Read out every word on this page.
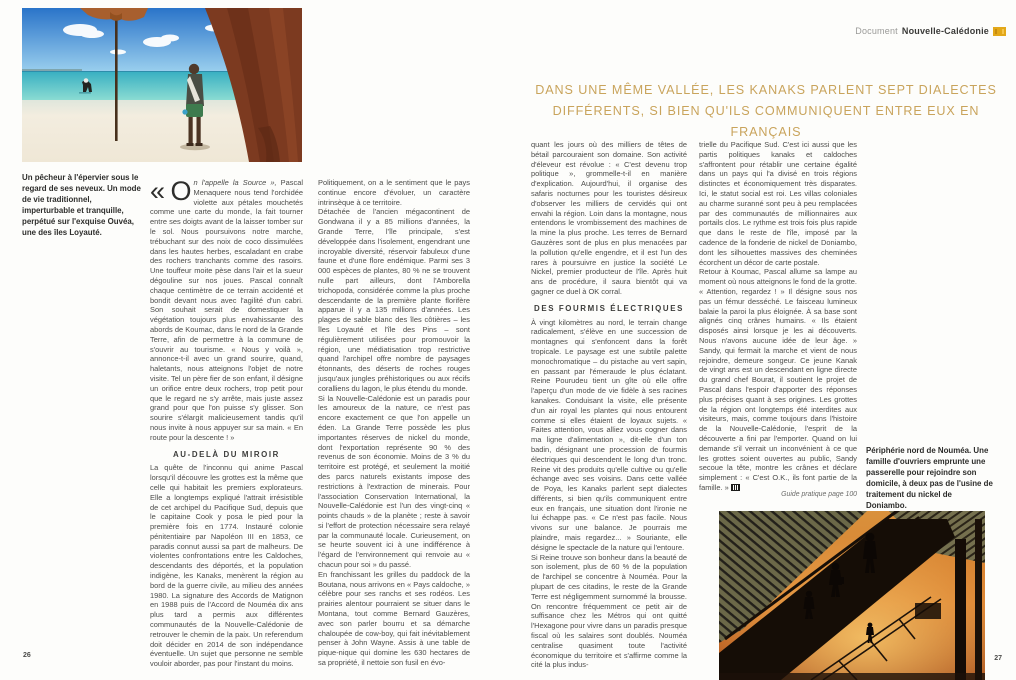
Document Nouvelle-Calédonie
Un pêcheur à l'épervier sous le regard de ses neveux. Un mode de vie traditionnel, imperturbable et tranquille, perpétué sur l'exquise Ouvéa, une des îles Loyauté.
DANS UNE MÊME VALLÉE, LES KANAKS PARLENT SEPT DIALECTES DIFFÉRENTS, SI BIEN QU'ILS COMMUNIQUENT ENTRE EUX EN FRANÇAIS

« O n l'appelle la Source », Pascal Menaquere nous tend l'orchidée violette aux pétales mouchetés comme une carte du monde, la fait tourner entre ses doigts avant de la laisser tomber sur le sol. Nous poursuivons notre marche, trébuchant sur des noix de coco dissimulées dans les hautes herbes, escaladant en crabe des rochers tranchants comme des rasoirs. Une touffeur moite pèse dans l'air et la sueur dégouline sur nos joues. Pascal connaît chaque centimètre de ce terrain accidenté et bondit devant nous avec l'agilité d'un cabri. Son souhait serait de domestiquer la végétation toujours plus envahissante des abords de Koumac, dans le nord de la Grande Terre, afin de permettre à la commune de s'ouvrir au tourisme. « Nous y voilà », annonce-t-il avec un grand sourire, quand, haletants, nous atteignons l'objet de notre visite. Tel un père fier de son enfant, il désigne un orifice entre deux rochers, trop petit pour que le regard ne s'y arrête, mais juste assez grand pour que l'on puisse s'y glisser. Son sourire s'élargit malicieusement tandis qu'il nous invite à nous appuyer sur sa main. « En route pour la descente ! »

AU-DELÀ DU MIROIR

La quête de l'inconnu qui anime Pascal lorsqu'il découvre les grottes est la même que celle qui habitait les premiers explorateurs. Elle a longtemps expliqué l'attrait irrésistible de cet archipel du Pacifique Sud, depuis que le capitaine Cook y posa le pied pour la première fois en 1774. Instauré colonie pénitentiaire par Napoléon III en 1853, ce paradis connut aussi sa part de malheurs. De violentes confrontations entre les Caldoches, descendants des déportés, et la population indigène, les Kanaks, menèrent la région au bord de la guerre civile, au milieu des années 1980. La signature des Accords de Matignon en 1988 puis de l'Accord de Nouméa dix ans plus tard a permis aux différentes communautés de la Nouvelle-Calédonie de retrouver le chemin de la paix. Un referendum doit décider en 2014 de son indépendance éventuelle. Un sujet que personne ne semble vouloir aborder, pas pour l'instant du moins.

Politiquement, on a le sentiment que le pays continue encore d'évoluer, un caractère intrinsèque à ce territoire.

Détachée de l'ancien mégacontinent de Gondwana il y a 85 millions d'années, la Grande Terre, l'île principale, s'est développée dans l'isolement, engendrant une incroyable diversité, réservoir fabuleux d'une faune et d'une flore endémique. Parmi ses 3 000 espèces de plantes, 80 % ne se trouvent nulle part ailleurs, dont l'Amborella trichopoda, considérée comme la plus proche descendante de la première plante florifère apparue il y a 135 millions d'années. Les plages de sable blanc des îles côtières – les îles Loyauté et l'île des Pins – sont régulièrement utilisées pour promouvoir la région, une médiatisation trop restrictive quand l'archipel offre nombre de paysages étonnants, des déserts de roches rouges jusqu'aux jungles préhistoriques ou aux récifs coralliens du lagon, le plus étendu du monde.

Si la Nouvelle-Calédonie est un paradis pour les amoureux de la nature, ce n'est pas encore exactement ce que l'on appelle un éden. La Grande Terre possède les plus importantes réserves de nickel du monde, dont l'exportation représente 90 % des revenus de son économie. Moins de 3 % du territoire est protégé, et seulement la moitié des parcs naturels existants impose des restrictions à l'extraction de minerais. Pour l'association Conservation International, la Nouvelle-Calédonie est l'un des vingt-cinq « points chauds » de la planète ; reste à savoir si l'effort de protection nécessaire sera relayé par la communauté locale. Curieusement, on se heurte souvent ici à une indifférence à l'égard de l'environnement qui renvoie au « chacun pour soi » du passé.

En franchissant les grilles du paddock de la Boutana, nous arrivons en « Pays caldoche, » célèbre pour ses ranchs et ses rodéos. Les prairies alentour pourraient se situer dans le Montana, tout comme Bernard Gauzères, avec son parler bourru et sa démarche chaloupée de cow-boy, qui fait inévitablement penser à John Wayne. Assis à une table de pique-nique qui domine les 630 hectares de sa propriété, il nettoie son fusil en évo-

quant les jours où des milliers de têtes de bétail parcouraient son domaine. Son activité d'éleveur est révolue : « C'est devenu trop politique », grommelle-t-il en manière d'explication. Aujourd'hui, il organise des safaris nocturnes pour les touristes désireux d'observer les milliers de cervidés qui ont envahi la région. Loin dans la montagne, nous entendons le vrombissement des machines de la mine la plus proche. Les terres de Bernard Gauzères sont de plus en plus menacées par la pollution qu'elle engendre, et il est l'un des rares à poursuivre en justice la société Le Nickel, premier producteur de l'île. Après huit ans de procédure, il saura bientôt qui va gagner ce duel à OK corral.

DES FOURMIS ÉLECTRIQUES

À vingt kilomètres au nord, le terrain change radicalement, s'élève en une succession de montagnes qui s'enfoncent dans la forêt tropicale. Le paysage est une subtile palette monochromatique – du pistache au vert sapin, en passant par l'émeraude le plus éclatant. Reine Pourudeu tient un gîte où elle offre l'aperçu d'un mode de vie fidèle à ses racines kanakes. Conduisant la visite, elle présente d'un air royal les plantes qui nous entourent comme si elles étaient de loyaux sujets. « Faites attention, vous alliez vous cogner dans ma ligne d'alimentation », dit-elle d'un ton badin, désignant une procession de fourmis électriques qui descendent le long d'un tronc. Reine vit des produits qu'elle cultive ou qu'elle échange avec ses voisins. Dans cette vallée de Poya, les Kanaks parlent sept dialectes différents, si bien qu'ils communiquent entre eux en français, une situation dont l'ironie ne lui échappe pas. « Ce n'est pas facile. Nous vivons sur une balance. Je pourrais me plaindre, mais regardez... » Souriante, elle désigne le spectacle de la nature qui l'entoure.

Si Reine trouve son bonheur dans la beauté de son isolement, plus de 60 % de la population de l'archipel se concentre à Nouméa. Pour la plupart de ces citadins, le reste de la Grande Terre est négligemment surnommé la brousse. On rencontre fréquemment ce petit air de suffisance chez les Métros qui ont quitté l'Hexagone pour vivre dans un paradis presque fiscal où les salaires sont doublés. Nouméa centralise quasiment toute l'activité économique du territoire et s'affirme comme la cité la plus indus-

trielle du Pacifique Sud. C'est ici aussi que les partis politiques kanaks et caldoches s'affrontent pour rétablir une certaine égalité dans un pays qui l'a divisé en trois régions distinctes et économiquement très disparates. Ici, le statut social est roi. Les villas coloniales au charme suranné sont peu à peu remplacées par des communautés de millionnaires aux portails clos. Le rythme est trois fois plus rapide que dans le reste de l'île, imposé par la cadence de la fonderie de nickel de Doniambo, dont les silhouettes massives des cheminées écorchent un décor de carte postale.

Retour à Koumac, Pascal allume sa lampe au moment où nous atteignons le fond de la grotte. « Attention, regardez ! » Il désigne sous nos pas un fémur desséché. Le faisceau lumineux balaie la paroi la plus éloignée. À sa base sont alignés cinq crânes humains. « Ils étaient disposés ainsi lorsque je les ai découverts. Nous n'avons aucune idée de leur âge. » Sandy, qui fermait la marche et vient de nous rejoindre, demeure songeur. Ce jeune Kanak de vingt ans est un descendant en ligne directe du grand chef Bourat, il soutient le projet de Pascal dans l'espoir d'apporter des réponses plus précises quant à ses origines. Les grottes de la région ont longtemps été interdites aux visiteurs, mais, comme toujours dans l'histoire de la Nouvelle-Calédonie, l'esprit de la découverte a fini par l'emporter. Quand on lui demande s'il verrait un inconvénient à ce que les grottes soient ouvertes au public, Sandy secoue la tête, montre les crânes et déclare simplement : « C'est O.K., ils font partie de la famille. »

Guide pratique page 100
Périphérie nord de Nouméa. Une famille d'ouvriers emprunte une passerelle pour rejoindre son domicile, à deux pas de l'usine de traitement du nickel de Doniambo.
26	27
